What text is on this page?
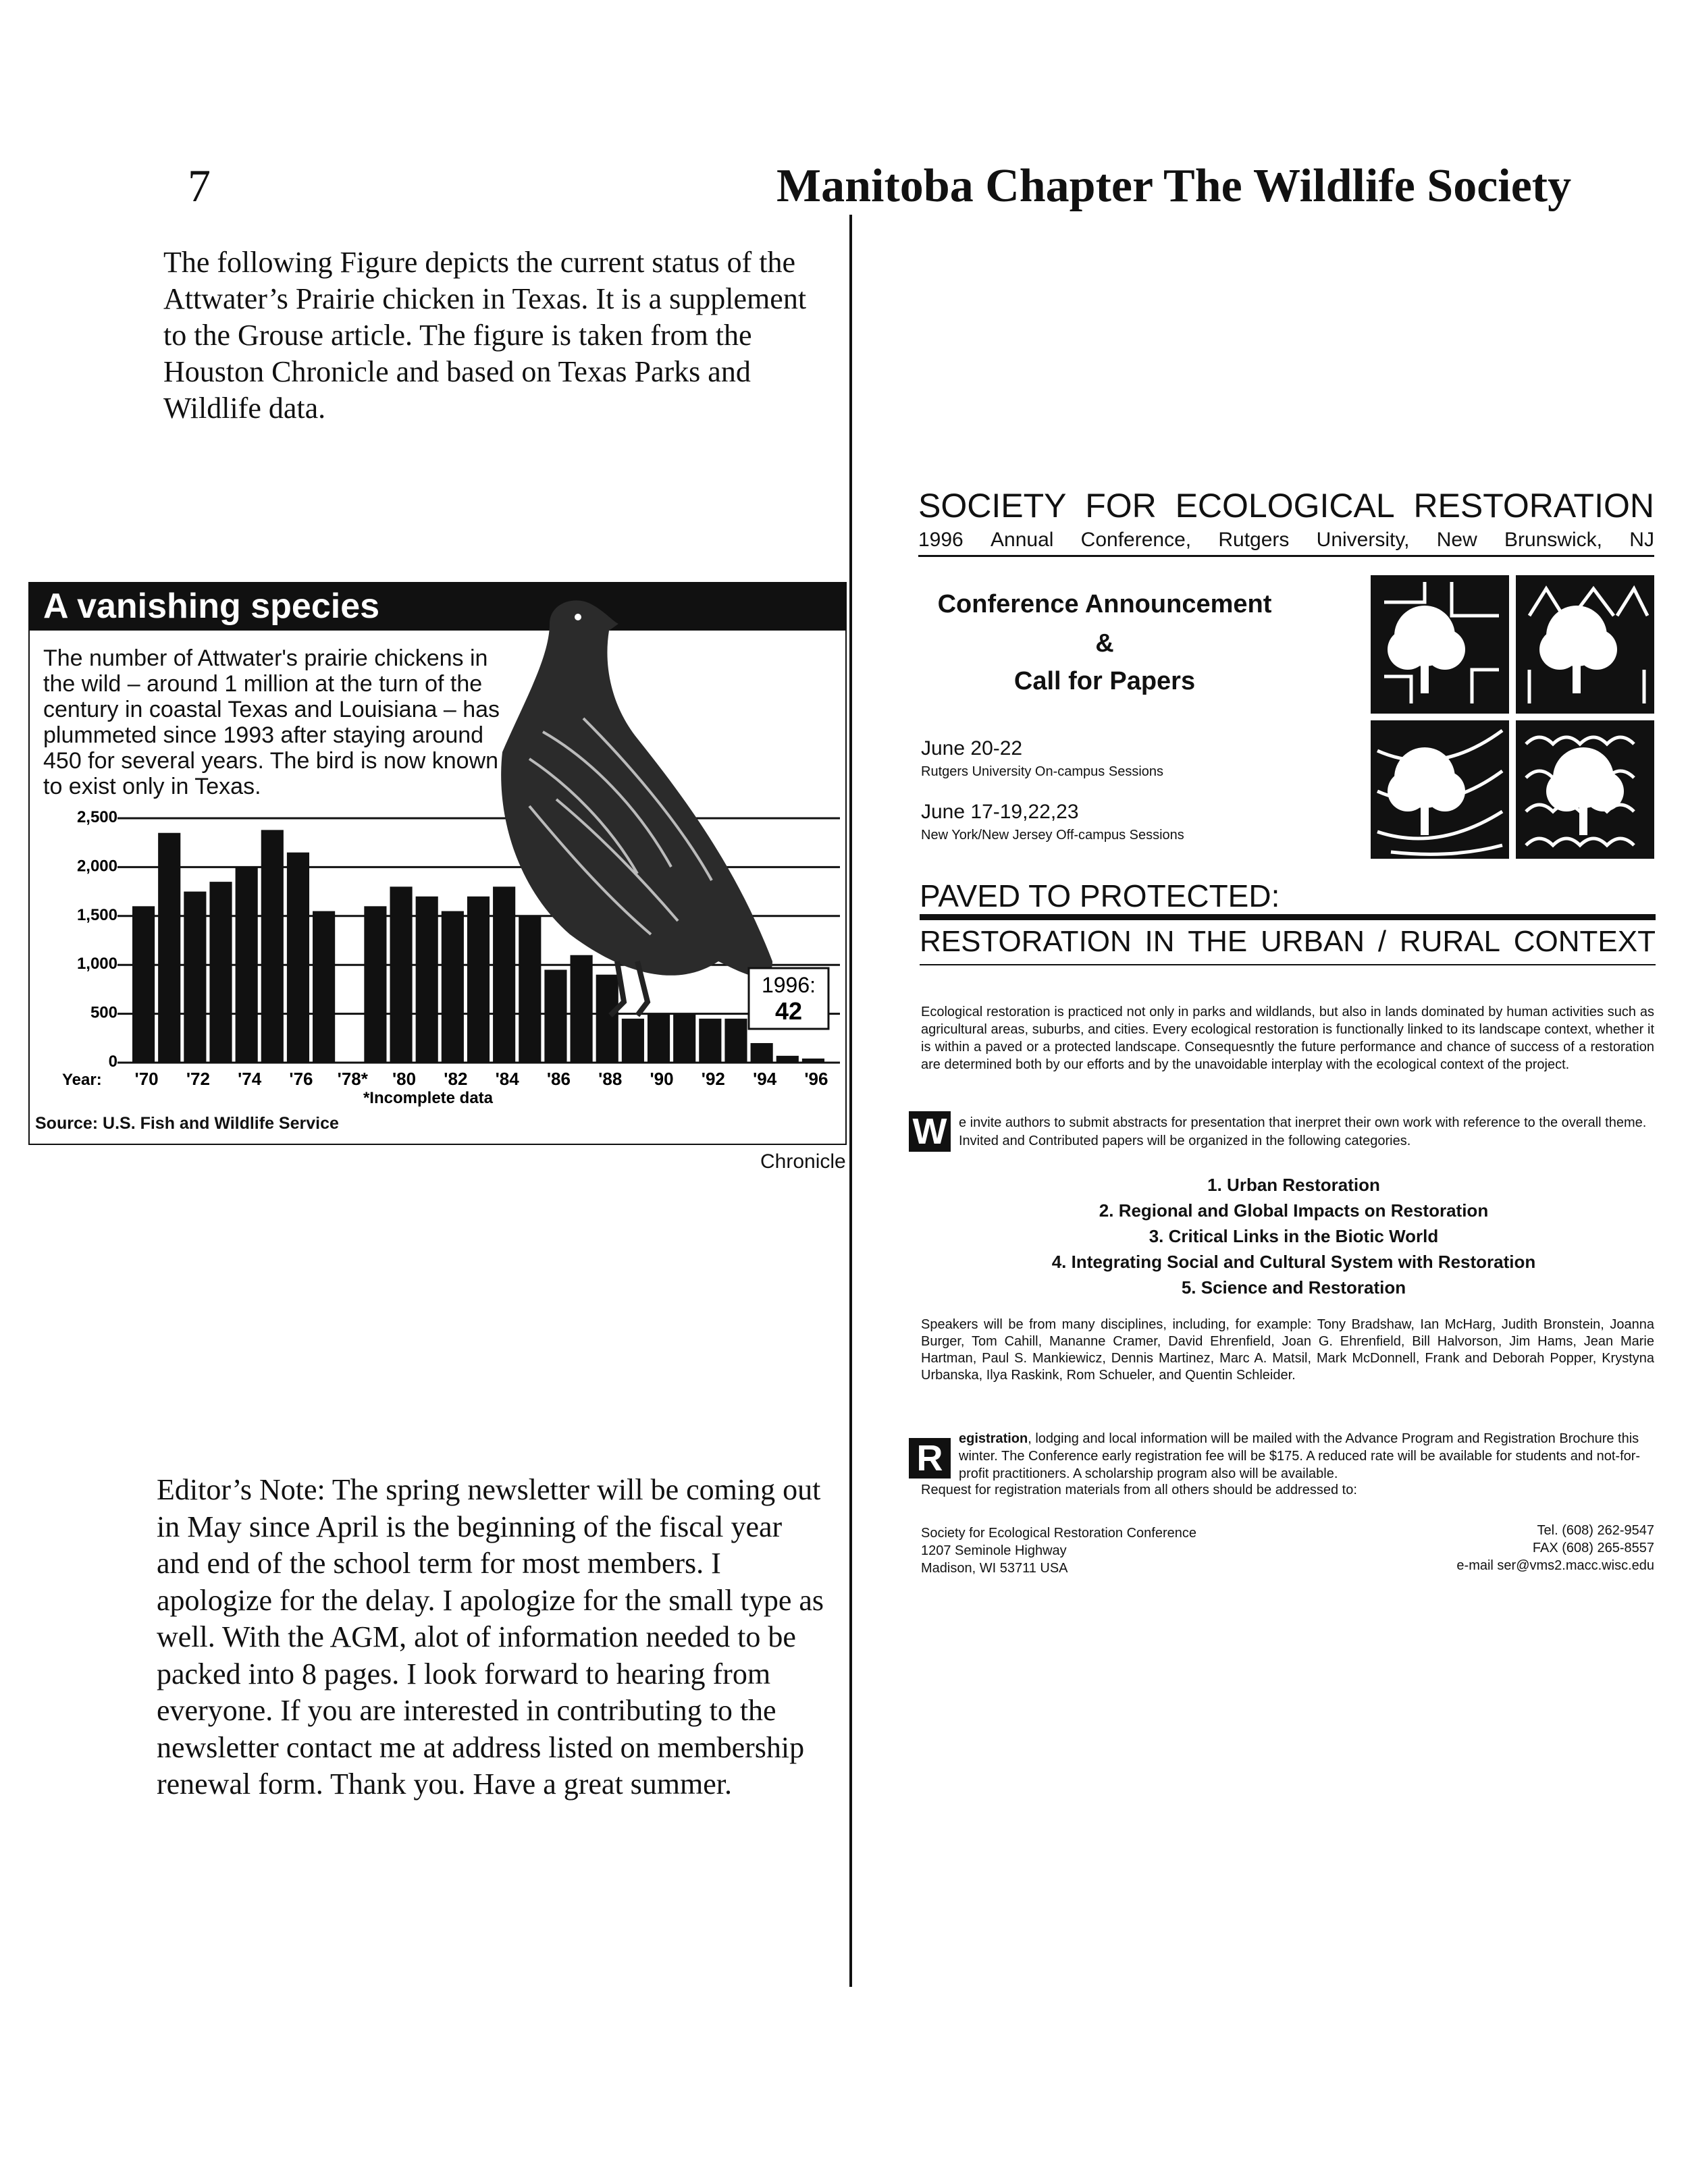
7	Manitoba Chapter The Wildlife Society
The following Figure depicts the current status of the Attwater’s Prairie chicken in Texas. It is a supplement to the Grouse article. The figure is taken from the Houston Chronicle and based on Texas Parks and Wildlife data.
1996:
42
0
500
1,000
1,500
2,000
2,500
'70 '72 '74 '76 '78* '80 '82 '84 '86 '88 '90 '92 '94 '96
Year:
*Incomplete data
A vanishing species
The number of Attwater's prairie chickens in the wild – around 1 million at the turn of the century in coastal Texas and Louisiana – has plummeted since 1993 after staying around 450 for several years. The bird is now known to exist only in Texas.
Source: U.S. Fish and Wildlife Service
Chronicle
Editor’s Note: The spring newsletter will be coming out in May since April is the beginning of the fiscal year and end of the school term for most members. I apologize for the delay. I apologize for the small type as well. With the AGM, alot of information needed to be packed into 8 pages. I look forward to hearing from everyone. If you are interested in contributing to the newsletter contact me at address listed on membership renewal form. Thank you. Have a great summer.
SOCIETY FOR ECOLOGICAL RESTORATION
1996 Annual Conference, Rutgers University, New Brunswick, NJ
Conference Announcement
&
Call for Papers
June 20-22
Rutgers University On-campus Sessions
June 17-19,22,23
New York/New Jersey Off-campus Sessions
PAVED TO PROTECTED:
RESTORATION IN THE URBAN / RURAL CONTEXT
Ecological restoration is practiced not only in parks and wildlands, but also in lands dominated by human activities such as agricultural areas, suburbs, and cities. Every ecological restoration is functionally linked to its landscape context, whether it is within a paved or a protected landscape. Consequesntly the future performance and chance of success of a restoration are determined both by our efforts and by the unavoidable interplay with the ecological context of the project.
W e invite authors to submit abstracts for presentation that inerpret their own work with reference to the overall theme. Invited and Contributed papers will be organized in the following categories.
1. Urban Restoration
2. Regional and Global Impacts on Restoration
3. Critical Links in the Biotic World
4. Integrating Social and Cultural System with Restoration
5. Science and Restoration
Speakers will be from many disciplines, including, for example: Tony Bradshaw, Ian McHarg, Judith Bronstein, Joanna Burger, Tom Cahill, Mananne Cramer, David Ehrenfield, Joan G. Ehrenfield, Bill Halvorson, Jim Hams, Jean Marie Hartman, Paul S. Mankiewicz, Dennis Martinez, Marc A. Matsil, Mark McDonnell, Frank and Deborah Popper, Krystyna Urbanska, Ilya Raskink, Rom Schueler, and Quentin Schleider.
R	egistration, lodging and local information will be mailed with the Advance Program and Registration Brochure this winter. The Conference early registration fee will be $175. A reduced rate will be available for students and not-for-profit practitioners. A scholarship program also will be available.
Request for registration materials from all others should be addressed to:
Society for Ecological Restoration Conference
1207 Seminole Highway
Madison, WI 53711 USA
Tel. (608) 262-9547
FAX (608) 265-8557
e-mail ser@vms2.macc.wisc.edu
